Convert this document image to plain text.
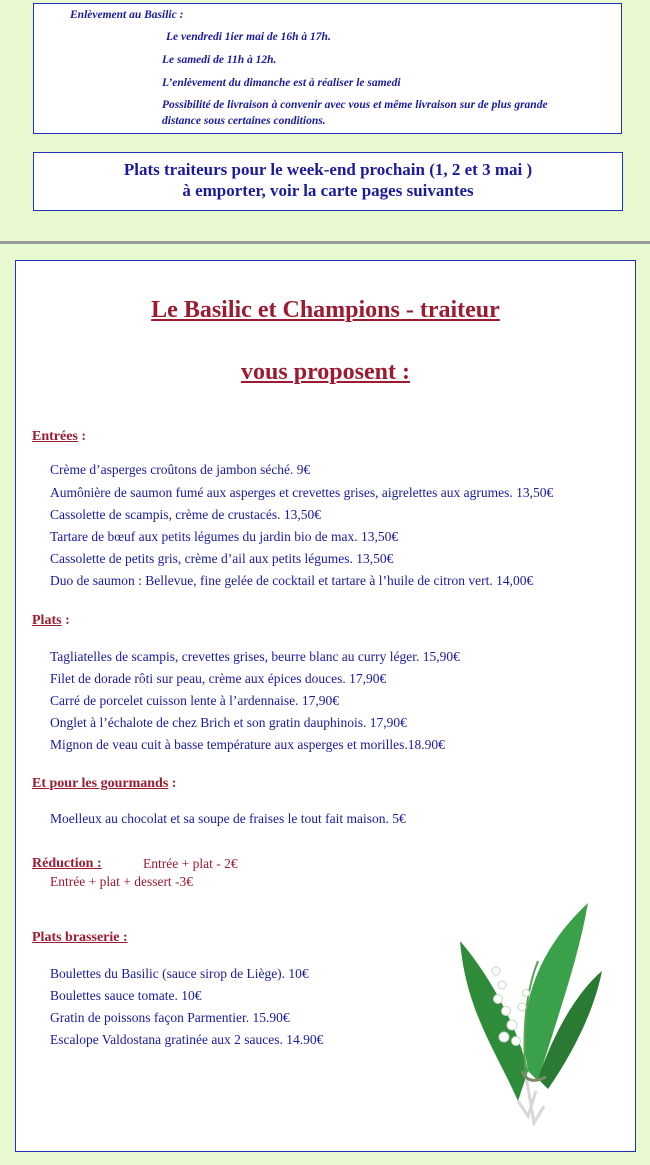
Enlèvement au Basilic :
Le vendredi 1ier mai de 16h à 17h.
Le samedi de 11h à 12h.
L’enlèvement du dimanche est à réaliser le samedi
Possibilité de livraison à convenir avec vous et même livraison sur de plus grande
distance sous certaines conditions.
Plats traiteurs pour le week-end prochain (1, 2 et 3 mai )
à emporter, voir la carte pages suivantes
Le Basilic et Champions - traiteur
vous proposent :
Entrées :
Crème d’asperges croûtons de jambon séché. 9€
Aumônière de saumon fumé aux asperges et crevettes grises, aigrelettes aux agrumes. 13,50€
Cassolette de scampis, crème de crustacés. 13,50€
Tartare de bœuf aux petits légumes du jardin bio de max. 13,50€
Cassolette de petits gris, crème d’ail aux petits légumes. 13,50€
Duo de saumon : Bellevue, fine gelée de cocktail et tartare à l’huile de citron vert. 14,00€
Plats :
Tagliatelles de scampis, crevettes grises, beurre blanc au curry léger. 15,90€
Filet de dorade rôti sur peau, crème aux épices douces. 17,90€
Carré de porcelet cuisson lente à l’ardennaise. 17,90€
Onglet à l’échalote de chez Brich et son gratin dauphinois. 17,90€
Mignon de veau cuit à basse température aux asperges et morilles.18.90€
Et pour les gourmands :
Moelleux au chocolat et sa soupe de fraises le tout fait maison. 5€
Réduction :	Entrée + plat - 2€
Entrée + plat + dessert -3€
Plats brasserie :
Boulettes du Basilic (sauce sirop de Liège). 10€
Boulettes sauce tomate. 10€
Gratin de poissons façon Parmentier. 15.90€
Escalope Valdostana gratinée aux 2 sauces. 14.90€
